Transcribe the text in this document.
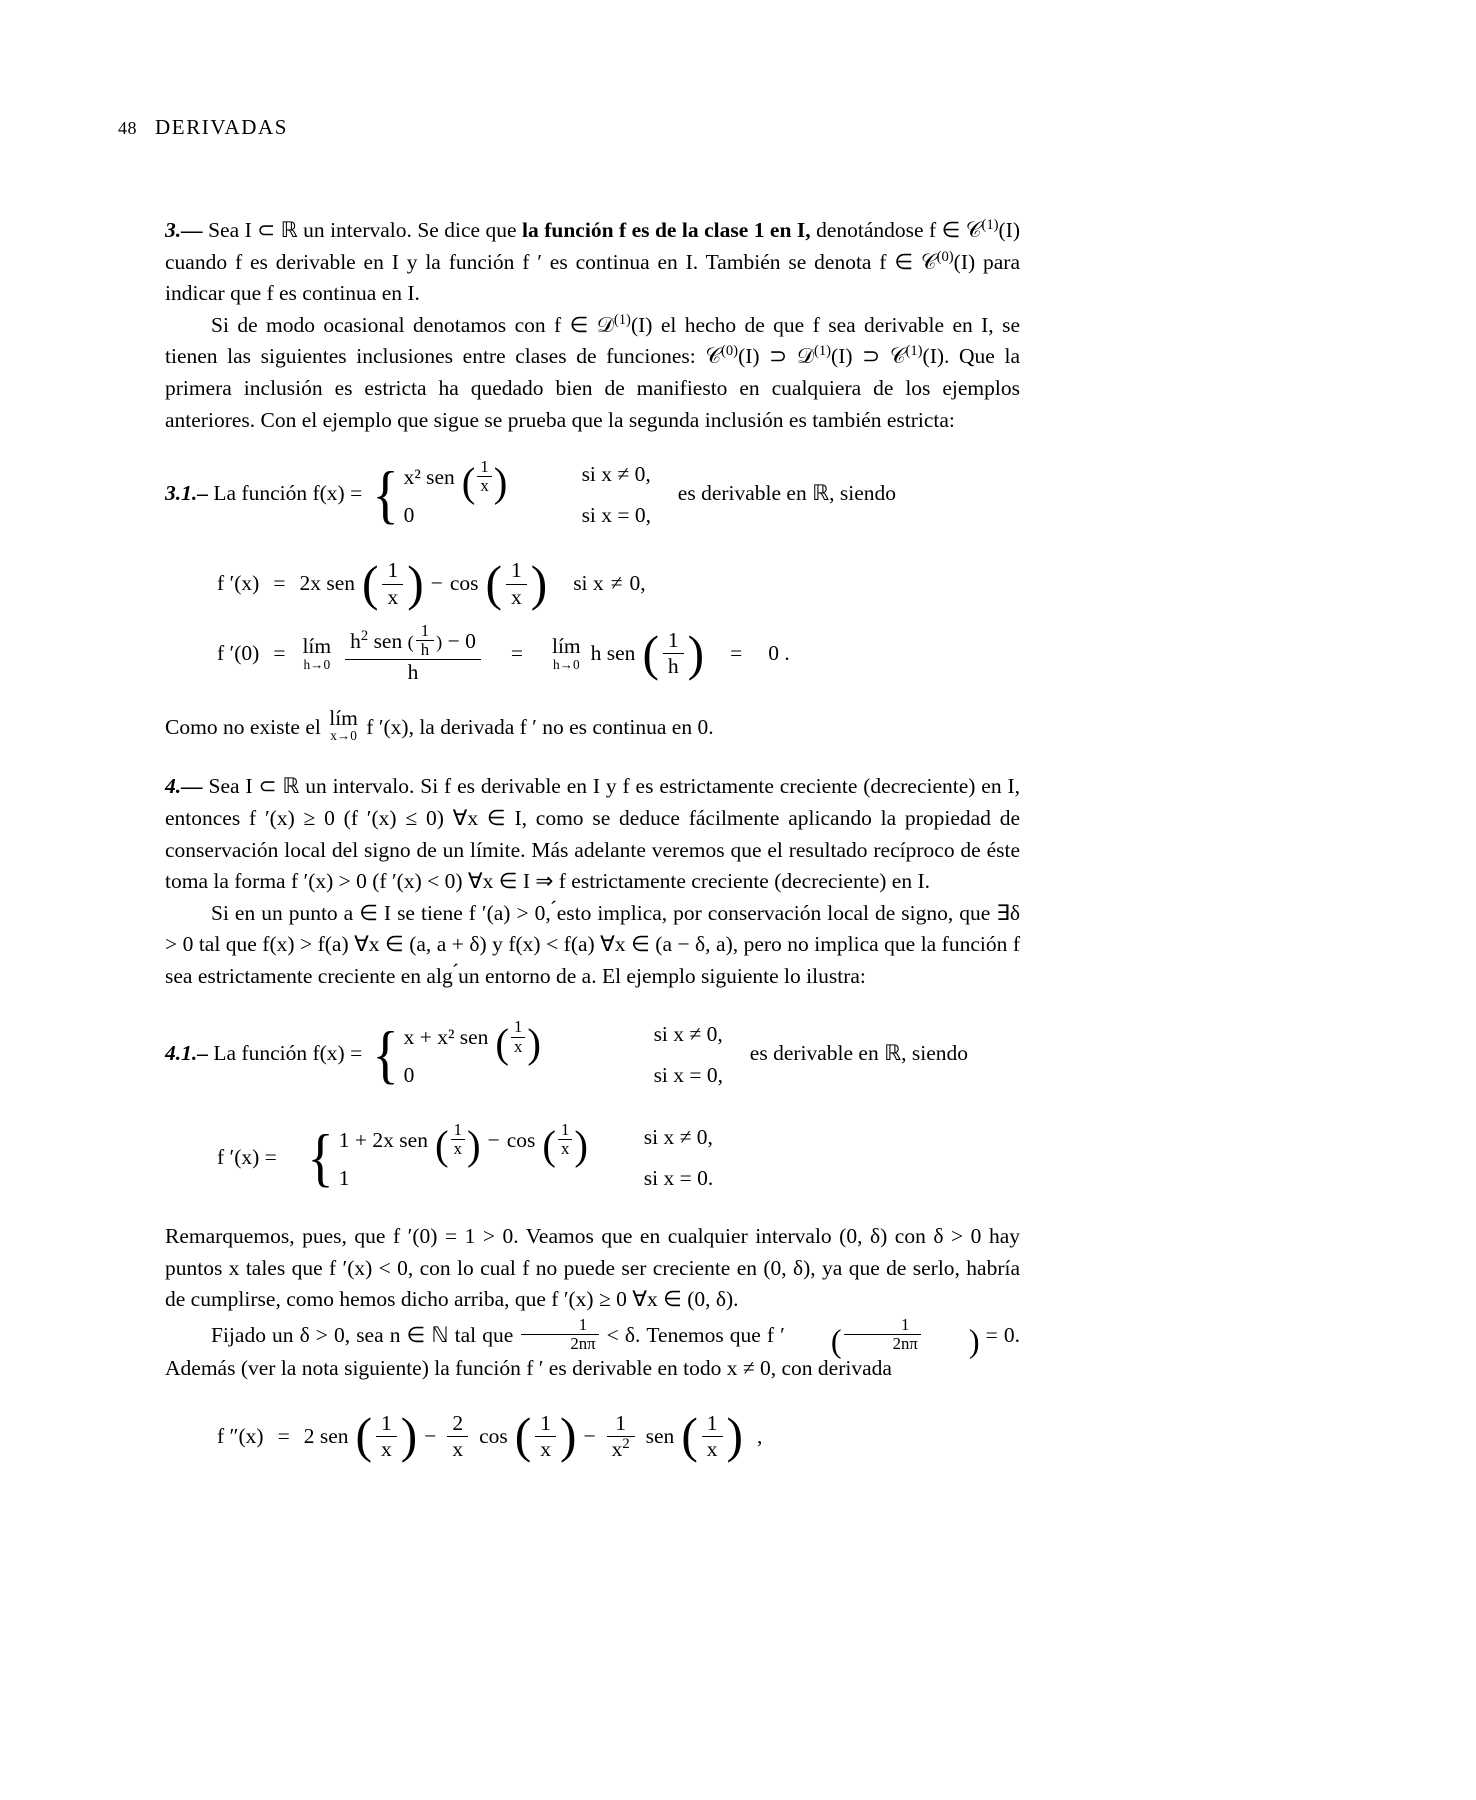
48 DERIVADAS

3.— Sea I ⊂ ℝ un intervalo. Se dice que la función f es de la clase 1 en I, denotándose f ∈ 𝒞$^{(1)}$(I) cuando f es derivable en I y la función f ′ es continua en I. También se denota f ∈ 𝒞$^{(0)}$(I) para indicar que f es continua en I.

Si de modo ocasional denotamos con f ∈ 𝒟$^{(1)}$(I) el hecho de que f sea derivable en I, se tienen las siguientes inclusiones entre clases de funciones: 𝒞$^{(0)}$(I) ⊃ 𝒟$^{(1)}$(I) ⊃ 𝒞$^{(1)}$(I). Que la primera inclusión es estricta ha quedado bien de manifiesto en cualquiera de los ejemplos anteriores. Con el ejemplo que sigue se prueba que la segunda inclusión es también estricta:

3.1.– La función f(x) = { x² sen ( $\frac{1}{x}$ )	si x ≠ 0,
0	si x = 0,
es derivable en ℝ, siendo
f ′(x) = 2x sen ( $\frac{1}{x}$ ) − cos ( $\frac{1}{x}$ ) si x ≠ 0,
f ′(0) = lím
$h\to 0 \frac{h^2 sen ( \frac{1}{h} ) - 0}{h}$ = lím
h→0 h sen ( $\frac{1}{h}$ ) = 0 .

Como no existe el lím
x→0 f ′(x), la derivada f ′ no es continua en 0.

4.— Sea I ⊂ ℝ un intervalo. Si f es derivable en I y f es estrictamente creciente (decreciente) en I, entonces f ′(x) ≥ 0 (f ′(x) ≤ 0) ∀x ∈ I, como se deduce fácilmente aplicando la propiedad de conservación local del signo de un límite. Más adelante veremos que el resultado recíproco de éste toma la forma f ′(x) > 0 (f ′(x) < 0) ∀x ∈ I ⇒ f estrictamente creciente (decreciente) en I.

Si en un punto a ∈ I se tiene f ′(a) > 0, ́esto implica, por conservación local de signo, que ∃δ > 0 tal que f(x) > f(a) ∀x ∈ (a, a + δ) y f(x) < f(a) ∀x ∈ (a − δ, a), pero no implica que la función f sea estrictamente creciente en alg ́un entorno de a. El ejemplo siguiente lo ilustra:

4.1.– La función f(x) = { x + x² sen ( $\frac{1}{x}$ )	si x ≠ 0,
0	si x = 0,
es derivable en ℝ, siendo
f ′(x) = { 1 + 2x sen ( $\frac{1}{x}$ ) − cos ( $\frac{1}{x}$ )	si x ≠ 0,
1	si x = 0.

Remarquemos, pues, que f ′(0) = 1 > 0. Veamos que en cualquier intervalo (0, δ) con δ > 0 hay puntos x tales que f ′(x) < 0, con lo cual f no puede ser creciente en (0, δ), ya que de serlo, habría de cumplirse, como hemos dicho arriba, que f ′(x) ≥ 0 ∀x ∈ (0, δ).

Fijado un δ > 0, sea n ∈ ℕ tal que $\frac{1}{2n\pi} < \delta$. Tenemos que f ′ ( $\frac{1}{2n\pi}$ ) = 0. Además (ver la nota siguiente) la función f ′ es derivable en todo x ≠ 0, con derivada

f ″(x) = 2 sen ( $\frac{1}{x}$ ) − $\frac{2}{x}$ cos ( $\frac{1}{x}$ ) − $\frac{1}{x^2}$ sen ( $\frac{1}{x}$ ) ,
